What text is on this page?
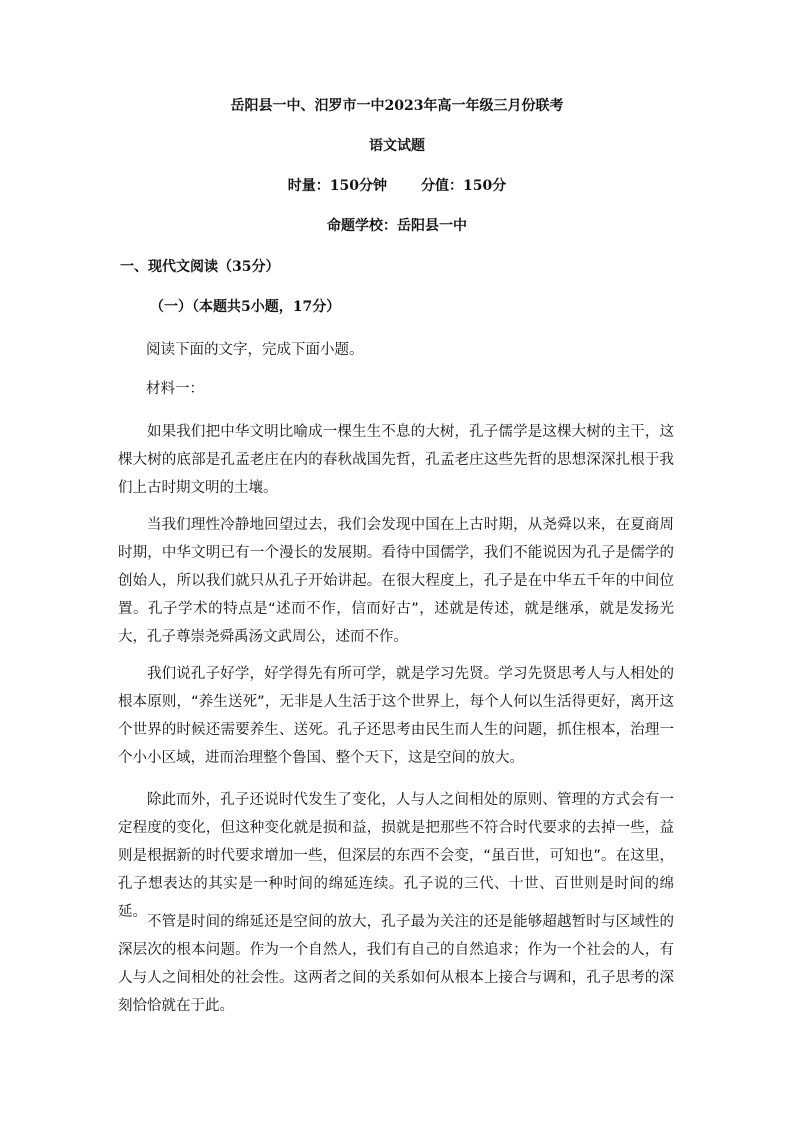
岳阳县一中、汨罗市一中2023年高一年级三月份联考
语文试题
时量：150分钟 分值：150分
命题学校：岳阳县一中
一、现代文阅读（35分）
（一）（本题共5小题，17分）
阅读下面的文字，完成下面小题。
材料一：

如果我们把中华文明比喻成一棵生生不息的大树，孔子儒学是这棵大树的主干，这棵大树的底部是孔孟老庄在内的春秋战国先哲，孔孟老庄这些先哲的思想深深扎根于我们上古时期文明的土壤。

当我们理性冷静地回望过去，我们会发现中国在上古时期，从尧舜以来，在夏商周时期，中华文明已有一个漫长的发展期。看待中国儒学，我们不能说因为孔子是儒学的创始人，所以我们就只从孔子开始讲起。在很大程度上，孔子是在中华五千年的中间位置。孔子学术的特点是“述而不作，信而好古”，述就是传述，就是继承，就是发扬光大，孔子尊崇尧舜禹汤文武周公，述而不作。

我们说孔子好学，好学得先有所可学，就是学习先贤。学习先贤思考人与人相处的根本原则，“养生送死”，无非是人生活于这个世界上，每个人何以生活得更好，离开这个世界的时候还需要养生、送死。孔子还思考由民生而人生的问题，抓住根本，治理一个小小区域，进而治理整个鲁国、整个天下，这是空间的放大。

除此而外，孔子还说时代发生了变化，人与人之间相处的原则、管理的方式会有一定程度的变化，但这种变化就是损和益，损就是把那些不符合时代要求的去掉一些，益则是根据新的时代要求增加一些，但深层的东西不会变，“虽百世，可知也”。在这里，孔子想表达的其实是一种时间的绵延连续。孔子说的三代、十世、百世则是时间的绵延。

不管是时间的绵延还是空间的放大，孔子最为关注的还是能够超越暂时与区域性的深层次的根本问题。作为一个自然人，我们有自己的自然追求；作为一个社会的人，有人与人之间相处的社会性。这两者之间的关系如何从根本上接合与调和，孔子思考的深刻恰恰就在于此。
